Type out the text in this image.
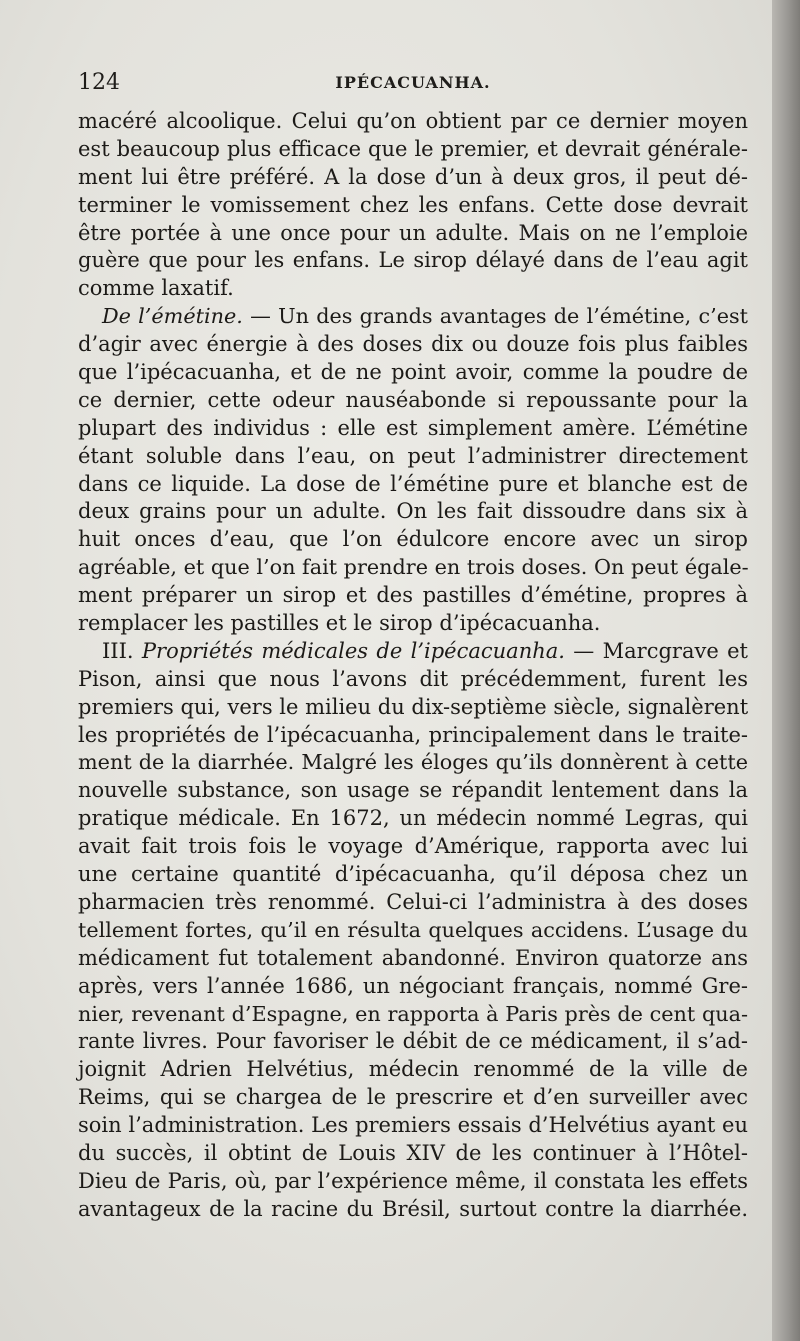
124	IPÉCACUANHA.
macéré alcoolique. Celui qu’on obtient par ce dernier moyen
est beaucoup plus efficace que le premier, et devrait générale-
ment lui être préféré. A la dose d’un à deux gros, il peut dé-
terminer le vomissement chez les enfans. Cette dose devrait
être portée à une once pour un adulte. Mais on ne l’emploie
guère que pour les enfans. Le sirop délayé dans de l’eau agit
comme laxatif.
De l’émétine. — Un des grands avantages de l’émétine, c’est
d’agir avec énergie à des doses dix ou douze fois plus faibles
que l’ipécacuanha, et de ne point avoir, comme la poudre de
ce dernier, cette odeur nauséabonde si repoussante pour la
plupart des individus : elle est simplement amère. L’émétine
étant soluble dans l’eau, on peut l’administrer directement
dans ce liquide. La dose de l’émétine pure et blanche est de
deux grains pour un adulte. On les fait dissoudre dans six à
huit onces d’eau, que l’on édulcore encore avec un sirop
agréable, et que l’on fait prendre en trois doses. On peut égale-
ment préparer un sirop et des pastilles d’émétine, propres à
remplacer les pastilles et le sirop d’ipécacuanha.
III. Propriétés médicales de l’ipécacuanha. — Marcgrave et
Pison, ainsi que nous l’avons dit précédemment, furent les
premiers qui, vers le milieu du dix-septième siècle, signalèrent
les propriétés de l’ipécacuanha, principalement dans le traite-
ment de la diarrhée. Malgré les éloges qu’ils donnèrent à cette
nouvelle substance, son usage se répandit lentement dans la
pratique médicale. En 1672, un médecin nommé Legras, qui
avait fait trois fois le voyage d’Amérique, rapporta avec lui
une certaine quantité d’ipécacuanha, qu’il déposa chez un
pharmacien très renommé. Celui-ci l’administra à des doses
tellement fortes, qu’il en résulta quelques accidens. L’usage du
médicament fut totalement abandonné. Environ quatorze ans
après, vers l’année 1686, un négociant français, nommé Gre-
nier, revenant d’Espagne, en rapporta à Paris près de cent qua-
rante livres. Pour favoriser le débit de ce médicament, il s’ad-
joignit Adrien Helvétius, médecin renommé de la ville de
Reims, qui se chargea de le prescrire et d’en surveiller avec
soin l’administration. Les premiers essais d’Helvétius ayant eu
du succès, il obtint de Louis XIV de les continuer à l’Hôtel-
Dieu de Paris, où, par l’expérience même, il constata les effets
avantageux de la racine du Brésil, surtout contre la diarrhée.
